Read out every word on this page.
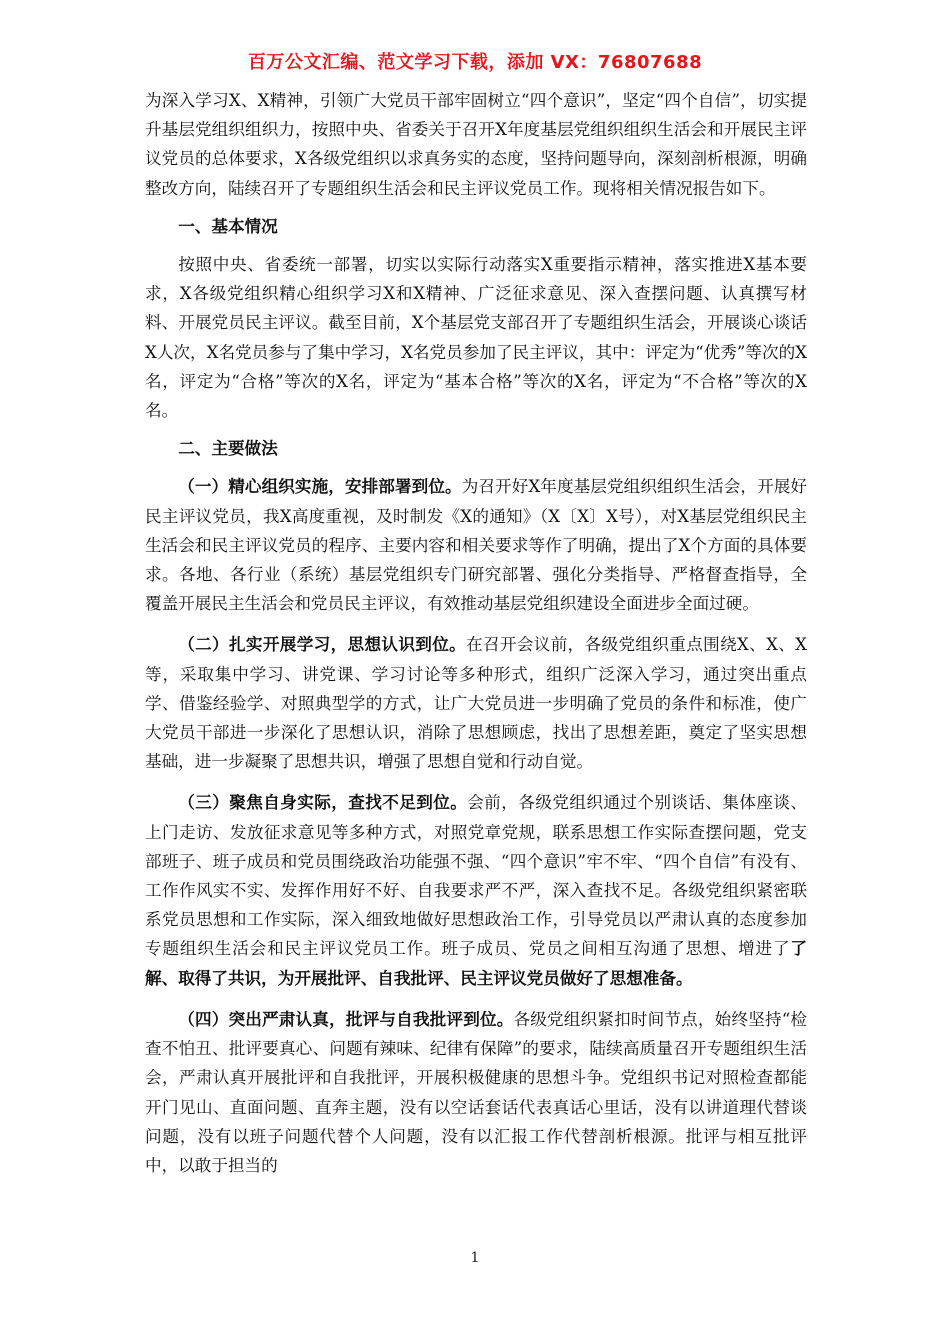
百万公文汇编、范文学习下载，添加 VX：76807688

为深入学习X、X精神，引领广大党员干部牢固树立“四个意识”，坚定“四个自信”，切实提升基层党组织组织力，按照中央、省委关于召开X年度基层党组织组织生活会和开展民主评议党员的总体要求，X各级党组织以求真务实的态度，坚持问题导向，深刻剖析根源，明确整改方向，陆续召开了专题组织生活会和民主评议党员工作。现将相关情况报告如下。

一、基本情况

按照中央、省委统一部署，切实以实际行动落实X重要指示精神，落实推进X基本要求，X各级党组织精心组织学习X和X精神、广泛征求意见、深入查摆问题、认真撰写材料、开展党员民主评议。截至目前，X个基层党支部召开了专题组织生活会，开展谈心谈话X人次，X名党员参与了集中学习，X名党员参加了民主评议，其中：评定为“优秀”等次的X名，评定为“合格”等次的X名，评定为“基本合格”等次的X名，评定为“不合格”等次的X名。

二、主要做法

（一）精心组织实施，安排部署到位。为召开好X年度基层党组织组织生活会，开展好民主评议党员，我X高度重视，及时制发《X的通知》（X〔X〕X号），对X基层党组织民主生活会和民主评议党员的程序、主要内容和相关要求等作了明确，提出了X个方面的具体要求。各地、各行业（系统）基层党组织专门研究部署、强化分类指导、严格督查指导，全覆盖开展民主生活会和党员民主评议，有效推动基层党组织建设全面进步全面过硬。

（二）扎实开展学习，思想认识到位。在召开会议前，各级党组织重点围绕X、X、X等，采取集中学习、讲党课、学习讨论等多种形式，组织广泛深入学习，通过突出重点学、借鉴经验学、对照典型学的方式，让广大党员进一步明确了党员的条件和标准，使广大党员干部进一步深化了思想认识，消除了思想顾虑，找出了思想差距，奠定了坚实思想基础，进一步凝聚了思想共识，增强了思想自觉和行动自觉。

（三）聚焦自身实际，查找不足到位。会前，各级党组织通过个别谈话、集体座谈、上门走访、发放征求意见等多种方式，对照党章党规，联系思想工作实际查摆问题，党支部班子、班子成员和党员围绕政治功能强不强、“四个意识”牢不牢、“四个自信”有没有、工作作风实不实、发挥作用好不好、自我要求严不严，深入查找不足。各级党组织紧密联系党员思想和工作实际，深入细致地做好思想政治工作，引导党员以严肃认真的态度参加专题组织生活会和民主评议党员工作。班子成员、党员之间相互沟通了思想、增进了了解、取得了共识，为开展批评、自我批评、民主评议党员做好了思想准备。

（四）突出严肃认真，批评与自我批评到位。各级党组织紧扣时间节点，始终坚持“检查不怕丑、批评要真心、问题有辣味、纪律有保障”的要求，陆续高质量召开专题组织生活会，严肃认真开展批评和自我批评，开展积极健康的思想斗争。党组织书记对照检查都能开门见山、直面问题、直奔主题，没有以空话套话代表真话心里话，没有以讲道理代替谈问题，没有以班子问题代替个人问题，没有以汇报工作代替剖析根源。批评与相互批评中，以敢于担当的

1
